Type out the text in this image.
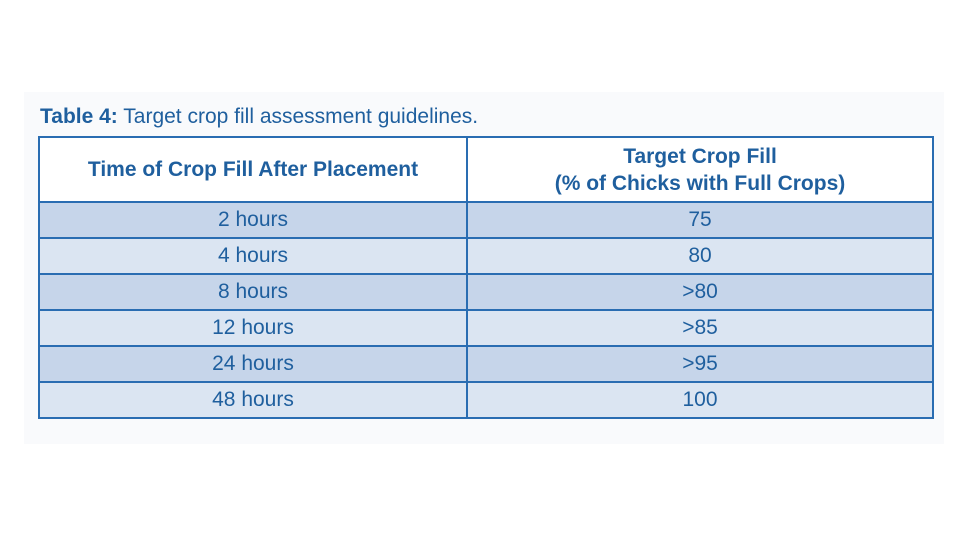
Table 4: Target crop fill assessment guidelines.
Time of Crop Fill After Placement	Target Crop Fill
(% of Chicks with Full Crops)

2 hours	75
4 hours	80
8 hours	>80
12 hours	>85
24 hours	>95
48 hours	100
